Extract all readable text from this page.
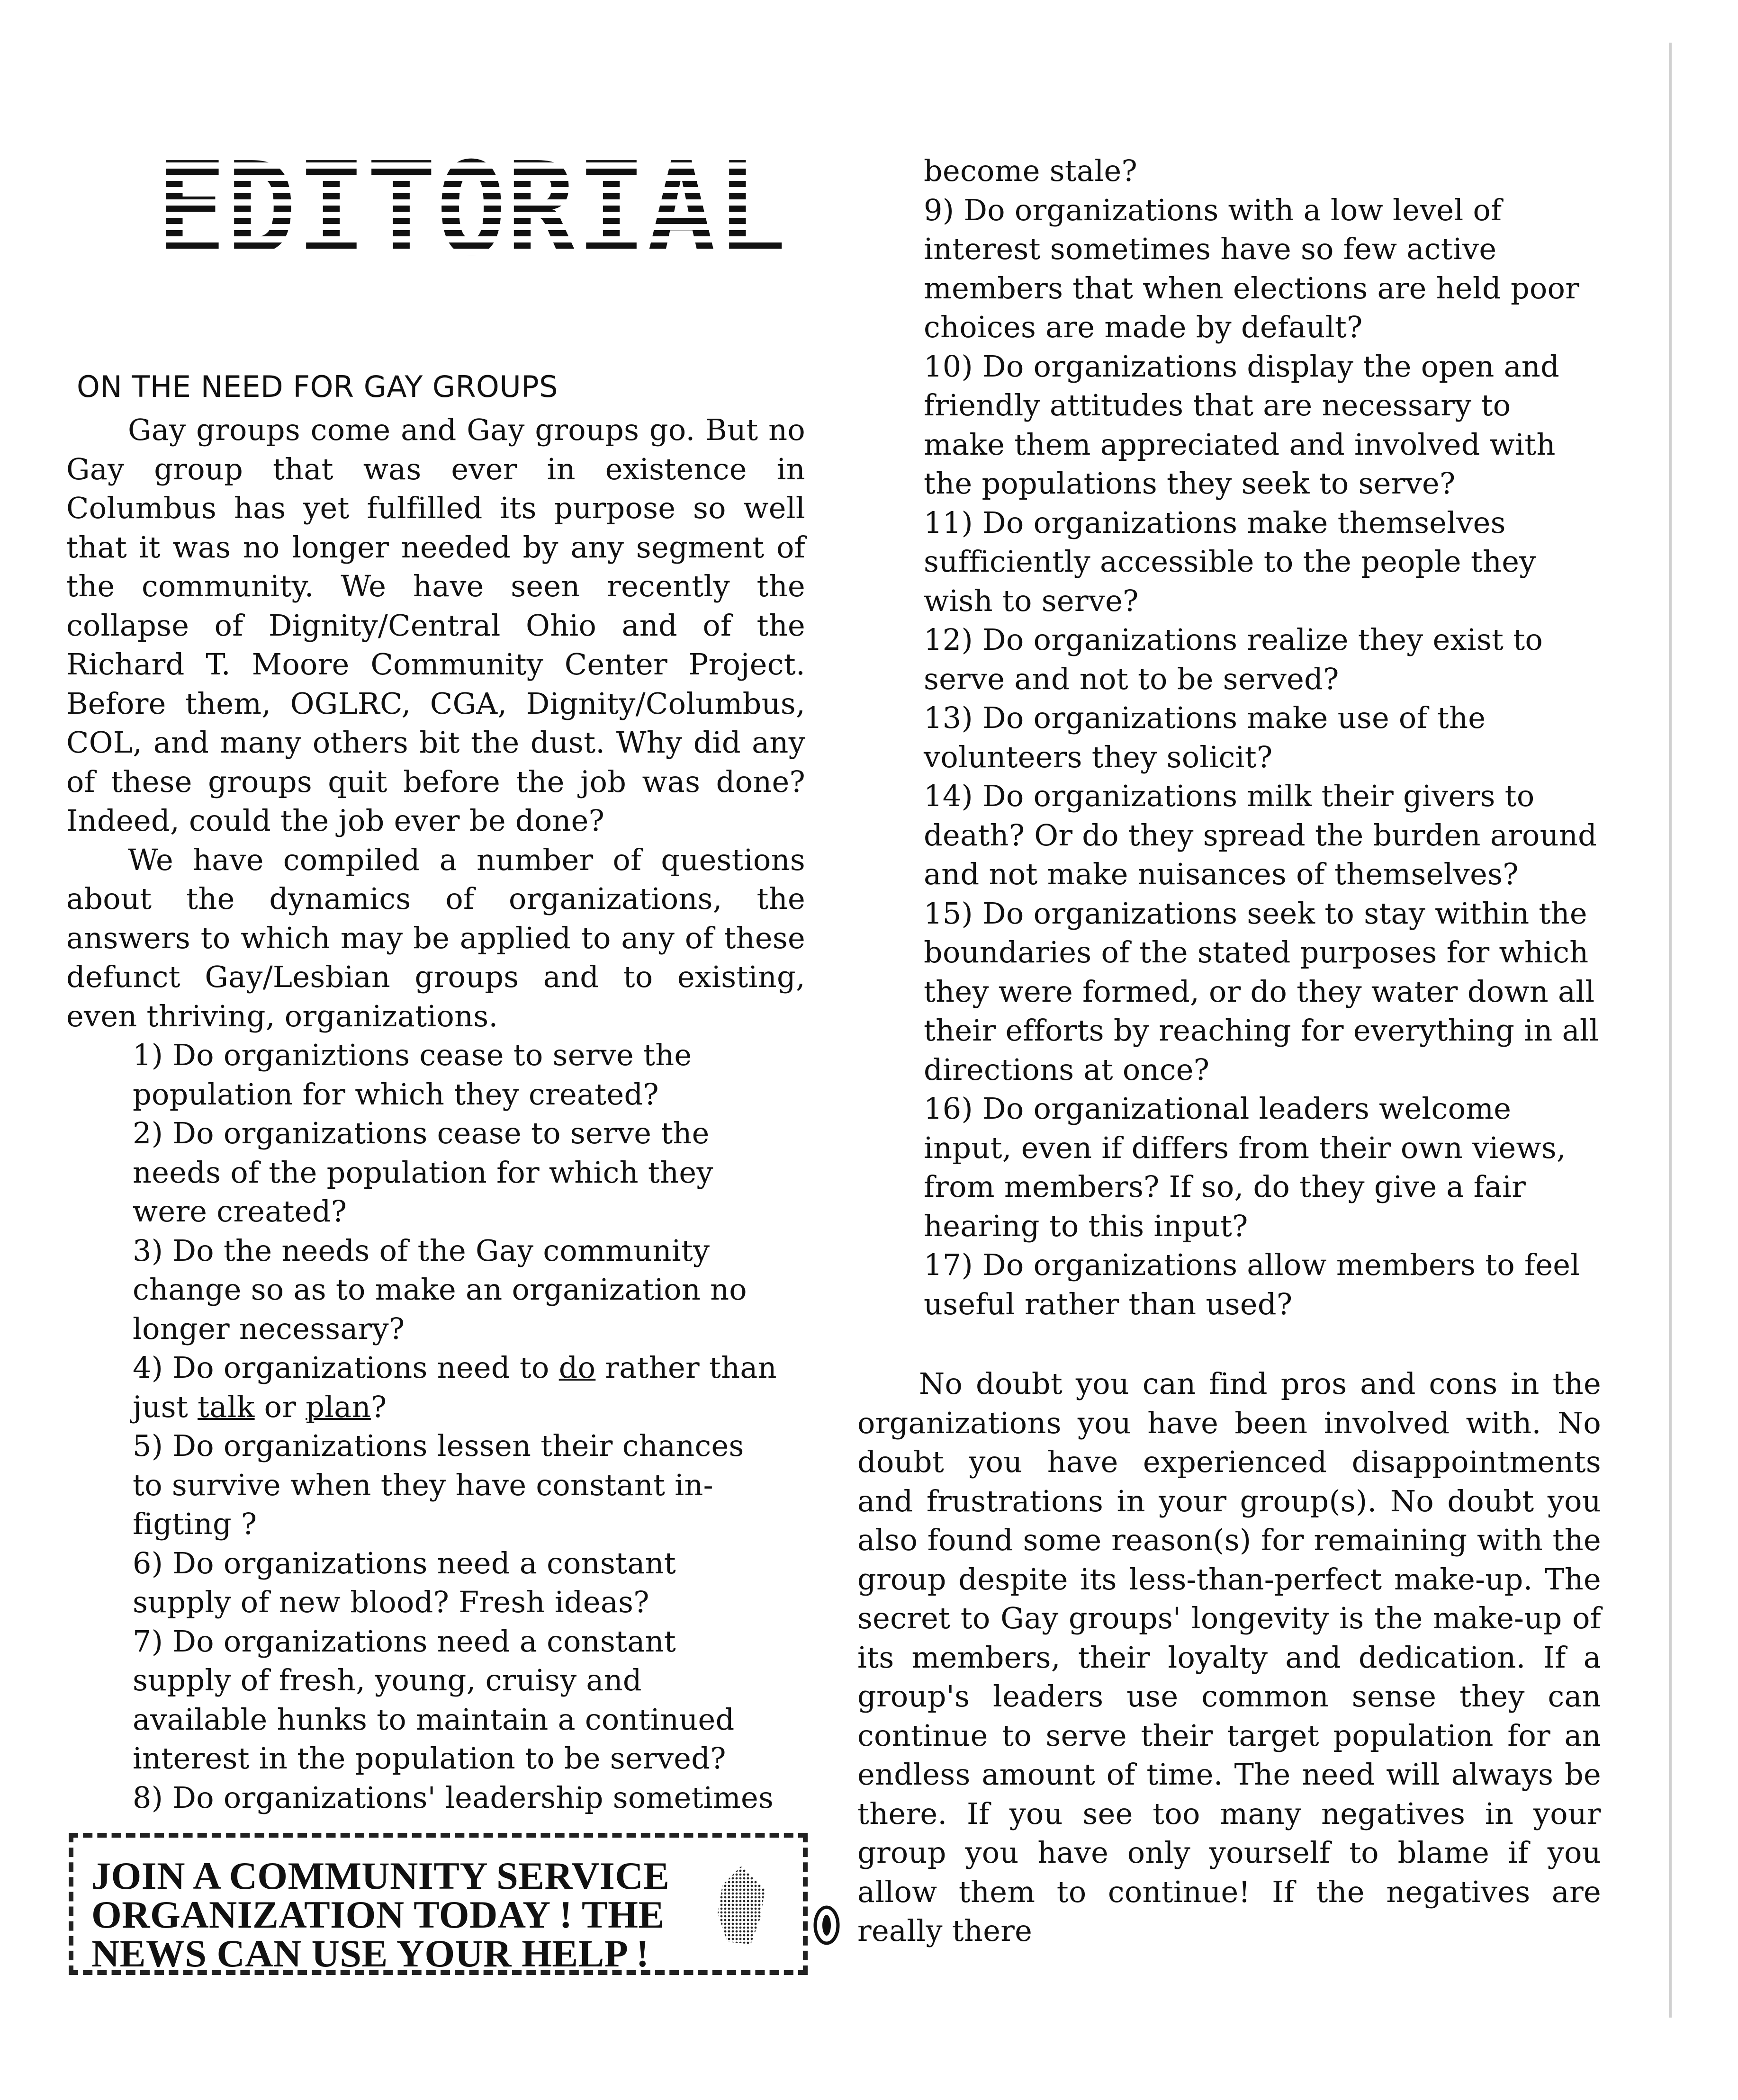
EDITORIAL
ON THE NEED FOR GAY GROUPS

Gay groups come and Gay groups go. But no Gay group that was ever in existence in Columbus has yet fulfilled its purpose so well that it was no longer needed by any segment of the community. We have seen recently the collapse of Dignity/Central Ohio and of the Richard T. Moore Community Center Project. Before them, OGLRC, CGA, Dignity/Columbus, COL, and many others bit the dust. Why did any of these groups quit before the job was done? Indeed, could the job ever be done?

We have compiled a number of questions about the dynamics of organizations, the answers to which may be applied to any of these defunct Gay/Lesbian groups and to existing, even thriving, organizations.

1) Do organiztions cease to serve the population for which they created?
2) Do organizations cease to serve the needs of the population for which they were created?
3) Do the needs of the Gay community change so as to make an organization no longer necessary?
4) Do organizations need to do rather than just talk or plan?
5) Do organizations lessen their chances to survive when they have constant in-figting ?
6) Do organizations need a constant supply of new blood? Fresh ideas?
7) Do organizations need a constant supply of fresh, young, cruisy and available hunks to maintain a continued interest in the population to be served?
8) Do organizations' leadership sometimes
become stale?
9) Do organizations with a low level of interest sometimes have so few active members that when elections are held poor choices are made by default?
10) Do organizations display the open and friendly attitudes that are necessary to make them appreciated and involved with the populations they seek to serve?
11) Do organizations make themselves sufficiently accessible to the people they wish to serve?
12) Do organizations realize they exist to serve and not to be served?
13) Do organizations make use of the volunteers they solicit?
14) Do organizations milk their givers to death? Or do they spread the burden around and not make nuisances of themselves?
15) Do organizations seek to stay within the boundaries of the stated purposes for which they were formed, or do they water down all their efforts by reaching for everything in all directions at once?
16) Do organizational leaders welcome input, even if differs from their own views, from members? If so, do they give a fair hearing to this input?
17) Do organizations allow members to feel useful rather than used?

No doubt you can find pros and cons in the organizations you have been involved with. No doubt you have experienced disappointments and frustrations in your group(s). No doubt you also found some reason(s) for remaining with the group despite its less-than-perfect make-up. The secret to Gay groups' longevity is the make-up of its members, their loyalty and dedication. If a group's leaders use common sense they can continue to serve their target population for an endless amount of time. The need will always be there. If you see too many negatives in your group you have only yourself to blame if you allow them to continue! If the negatives are really there

JOIN A COMMUNITY SERVICE
ORGANIZATION TODAY ! THE
NEWS CAN USE YOUR HELP !
